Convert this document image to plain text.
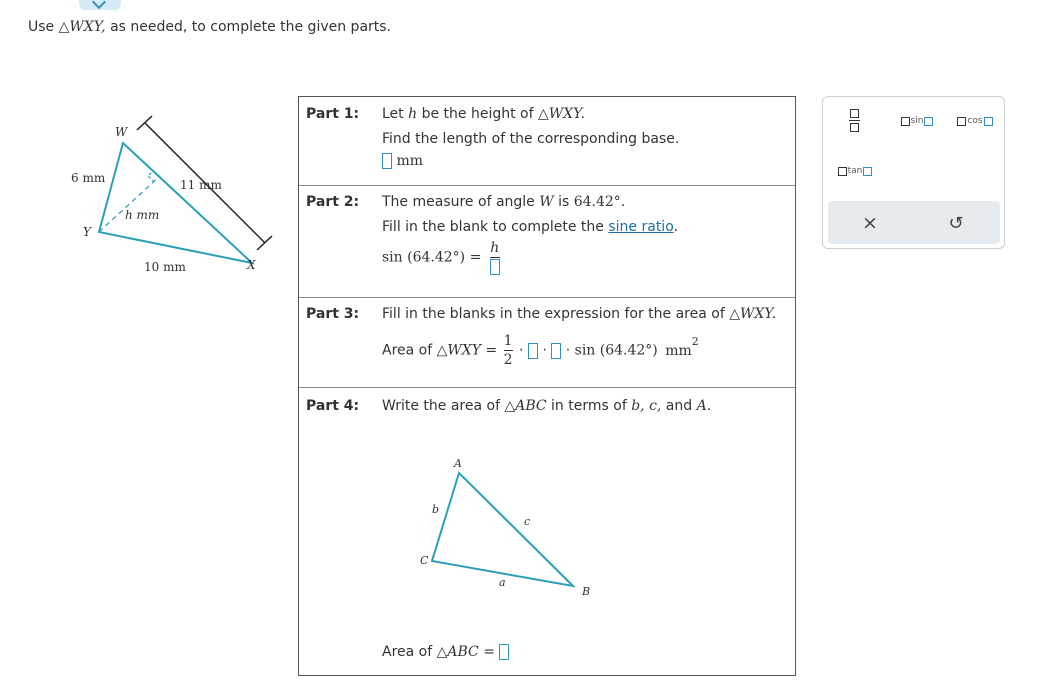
Use △WXY, as needed, to complete the given parts.
W
X
Y
6 mm	11 mm
10 mm
h mm
Part 1: Let h be the height of △WXY.
Find the length of the corresponding base.
mm
Part 2: The measure of angle W is 64.42°.
Fill in the blank to complete the sine ratio.
sin (64.42°) =
h
Part 3: Fill in the blanks in the expression for the area of △WXY.
Area of △WXY = $\frac{1}{2}$ · · · sin (64.42°) $mm^2$
Part 4: Write the area of △ABC in terms of b, c, and A.
Area of △ABC =
A
C
B
b
c
a
sin	cos
tan
×	↺
